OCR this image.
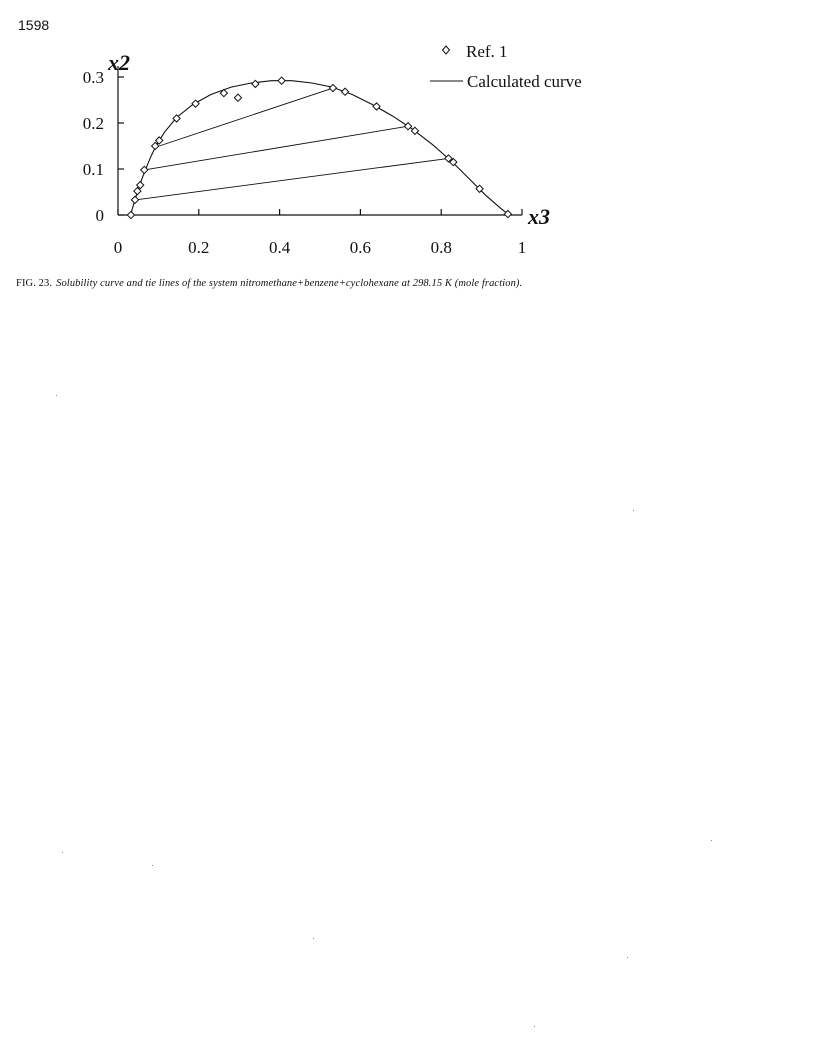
1598
0
0.1
0.2
0.3
0	0.2	0.4	0.6	0.8	1
x2
x3
Ref. 1
Calculated curve
FIG. 23. Solubility curve and tie lines of the system nitromethane+benzene+cyclohexane at 298.15 K (mole fraction).
